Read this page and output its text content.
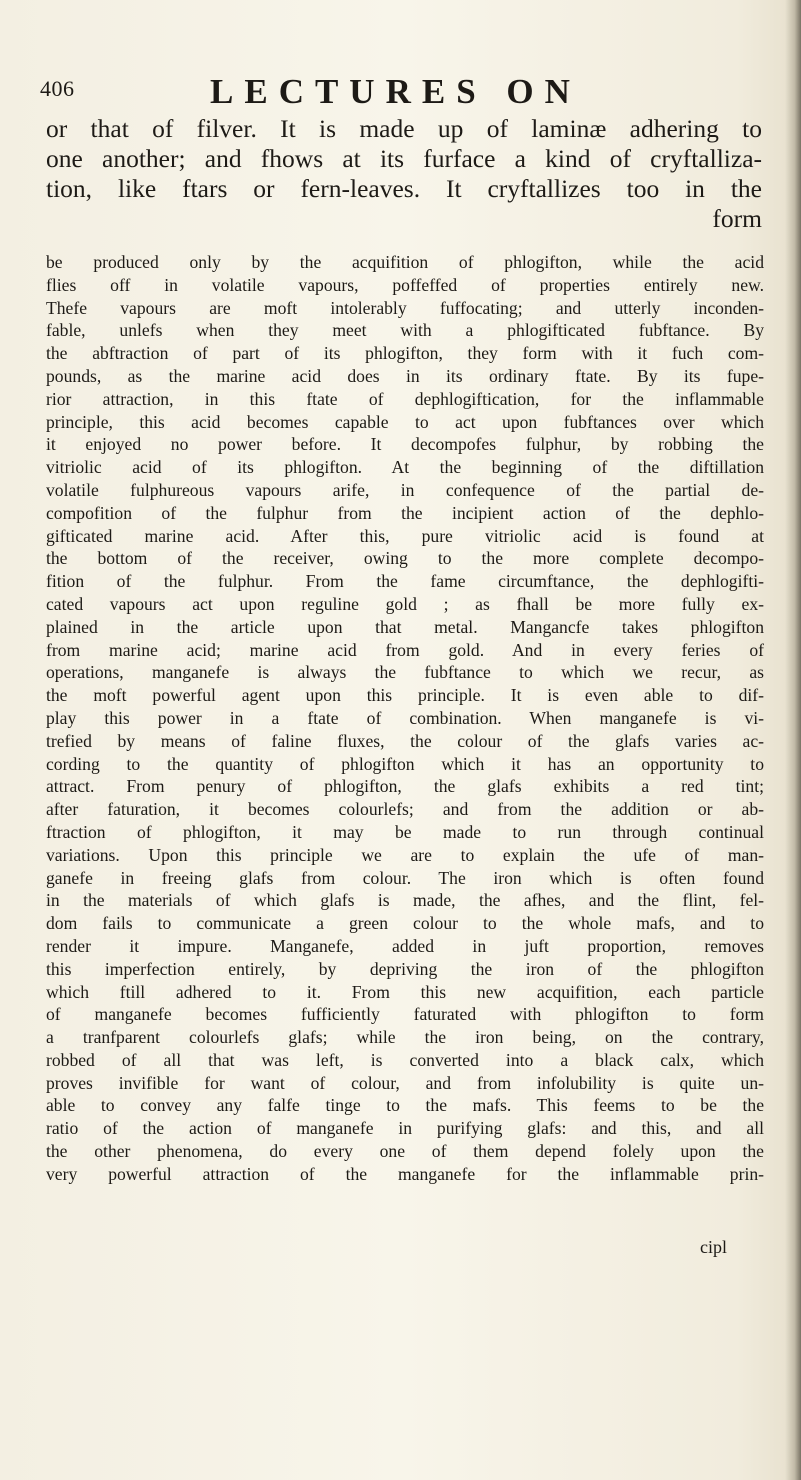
406	LECTURES ON
or that of filver. It is made up of laminæ adhering to
one another; and fhows at its furface a kind of cryftalliza-
tion, like ftars or fern-leaves. It cryftallizes too in the
form
be produced only by the acquifition of phlogifton, while the acid
flies off in volatile vapours, poffeffed of properties entirely new.
Thefe vapours are moft intolerably fuffocating; and utterly inconden-
fable, unlefs when they meet with a phlogifticated fubftance. By
the abftraction of part of its phlogifton, they form with it fuch com-
pounds, as the marine acid does in its ordinary ftate. By its fupe-
rior attraction, in this ftate of dephlogiftication, for the inflammable
principle, this acid becomes capable to act upon fubftances over which
it enjoyed no power before. It decompofes fulphur, by robbing the
vitriolic acid of its phlogifton. At the beginning of the diftillation
volatile fulphureous vapours arife, in confequence of the partial de-
compofition of the fulphur from the incipient action of the dephlo-
gifticated marine acid. After this, pure vitriolic acid is found at
the bottom of the receiver, owing to the more complete decompo-
fition of the fulphur. From the fame circumftance, the dephlogifti-
cated vapours act upon reguline gold ; as fhall be more fully ex-
plained in the article upon that metal. Mangancfe takes phlogifton
from marine acid; marine acid from gold. And in every feries of
operations, manganefe is always the fubftance to which we recur, as
the moft powerful agent upon this principle. It is even able to dif-
play this power in a ftate of combination. When manganefe is vi-
trefied by means of faline fluxes, the colour of the glafs varies ac-
cording to the quantity of phlogifton which it has an opportunity to
attract. From penury of phlogifton, the glafs exhibits a red tint;
after faturation, it becomes colourlefs; and from the addition or ab-
ftraction of phlogifton, it may be made to run through continual
variations. Upon this principle we are to explain the ufe of man-
ganefe in freeing glafs from colour. The iron which is often found
in the materials of which glafs is made, the afhes, and the flint, fel-
dom fails to communicate a green colour to the whole mafs, and to
render it impure. Manganefe, added in juft proportion, removes
this imperfection entirely, by depriving the iron of the phlogifton
which ftill adhered to it. From this new acquifition, each particle
of manganefe becomes fufficiently faturated with phlogifton to form
a tranfparent colourlefs glafs; while the iron being, on the contrary,
robbed of all that was left, is converted into a black calx, which
proves invifible for want of colour, and from infolubility is quite un-
able to convey any falfe tinge to the mafs. This feems to be the
ratio of the action of manganefe in purifying glafs: and this, and all
the other phenomena, do every one of them depend folely upon the
very powerful attraction of the manganefe for the inflammable prin-
cipl
